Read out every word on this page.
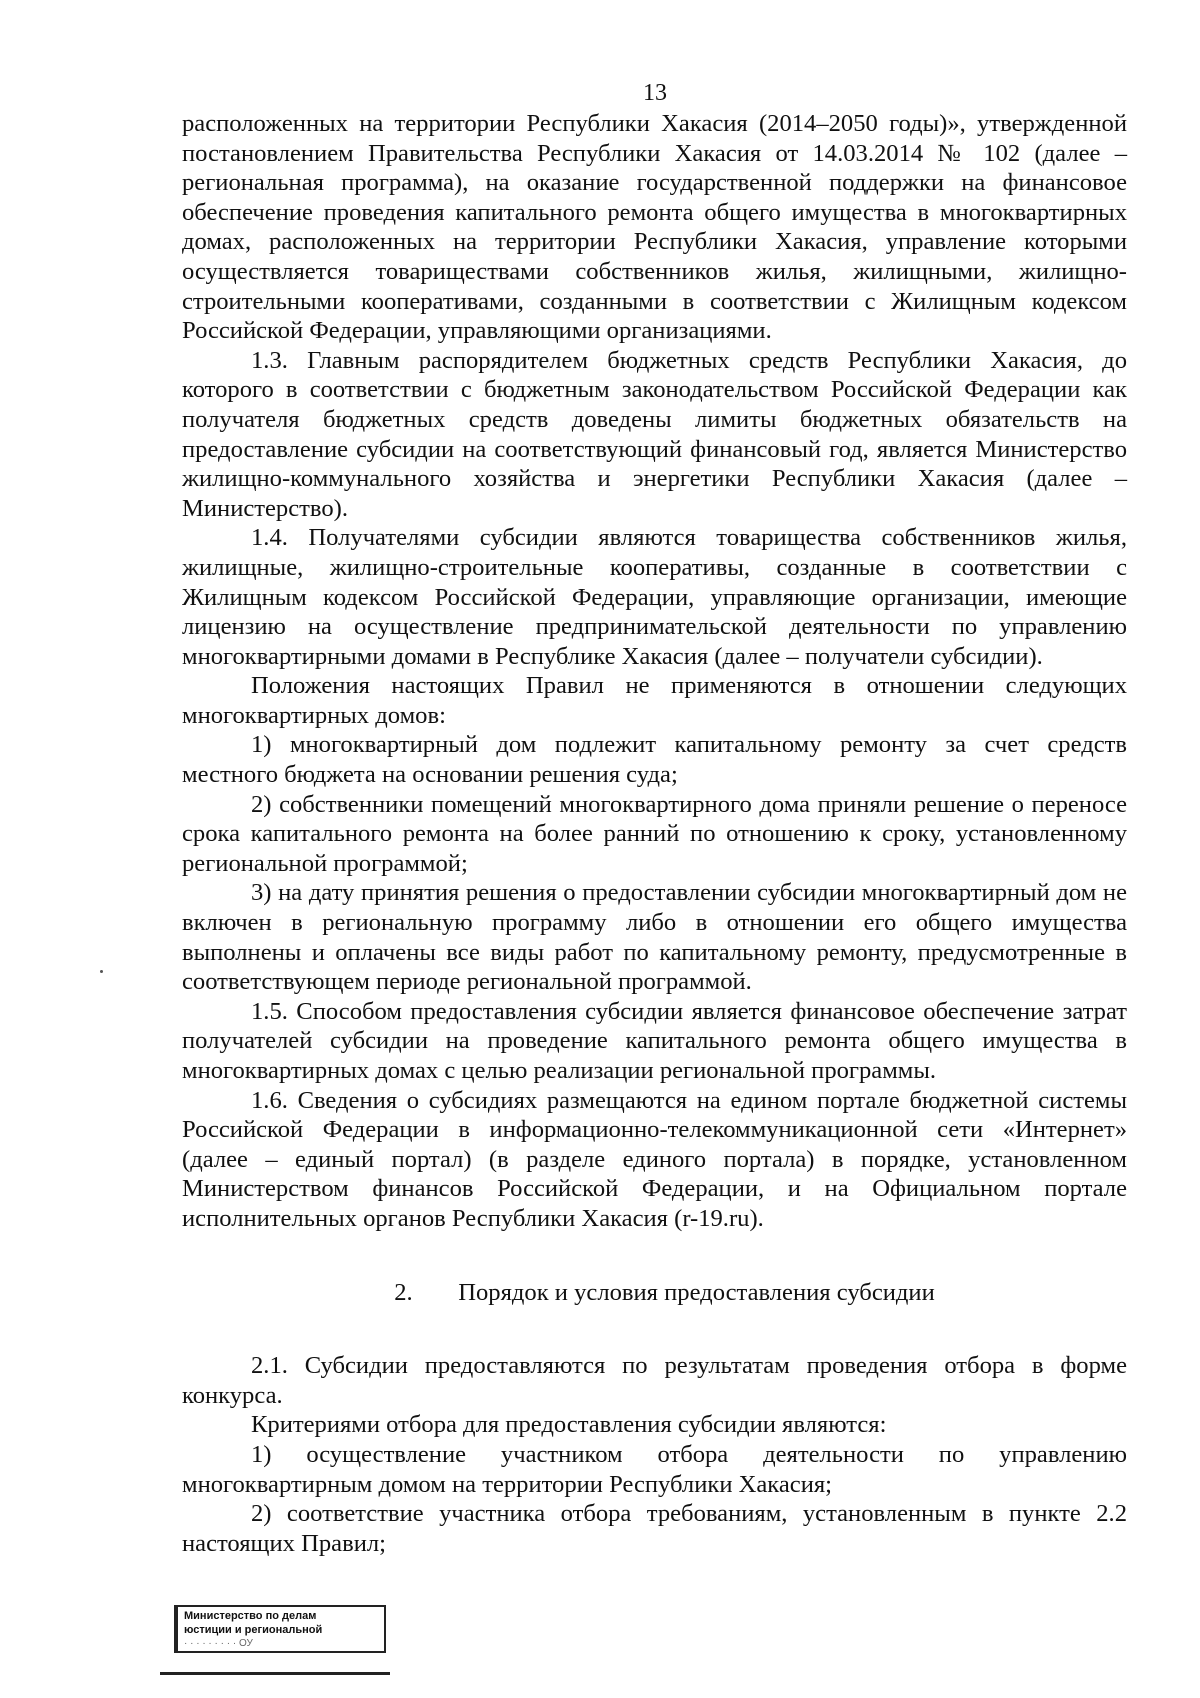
13

расположенных на территории Республики Хакасия (2014–2050 годы)», утвержденной постановлением Правительства Республики Хакасия от 14.03.2014 № 102 (далее – региональная программа), на оказание государственной поддержки на финансовое обеспечение проведения капитального ремонта общего имущества в многоквартирных домах, расположенных на территории Республики Хакасия, управление которыми осуществляется товариществами собственников жилья, жилищными, жилищно-строительными кооперативами, созданными в соответствии с Жилищным кодексом Российской Федерации, управляющими организациями.

1.3. Главным распорядителем бюджетных средств Республики Хакасия, до которого в соответствии с бюджетным законодательством Российской Федерации как получателя бюджетных средств доведены лимиты бюджетных обязательств на предоставление субсидии на соответствующий финансовый год, является Министерство жилищно-коммунального хозяйства и энергетики Республики Хакасия (далее – Министерство).

1.4. Получателями субсидии являются товарищества собственников жилья, жилищные, жилищно-строительные кооперативы, созданные в соответствии с Жилищным кодексом Российской Федерации, управляющие организации, имеющие лицензию на осуществление предпринимательской деятельности по управлению многоквартирными домами в Республике Хакасия (далее – получатели субсидии).

Положения настоящих Правил не применяются в отношении следующих многоквартирных домов:

1) многоквартирный дом подлежит капитальному ремонту за счет средств местного бюджета на основании решения суда;

2) собственники помещений многоквартирного дома приняли решение о переносе срока капитального ремонта на более ранний по отношению к сроку, установленному региональной программой;

3) на дату принятия решения о предоставлении субсидии многоквартирный дом не включен в региональную программу либо в отношении его общего имущества выполнены и оплачены все виды работ по капитальному ремонту, предусмотренные в соответствующем периоде региональной программой.

1.5. Способом предоставления субсидии является финансовое обеспечение затрат получателей субсидии на проведение капитального ремонта общего имущества в многоквартирных домах с целью реализации региональной программы.

1.6. Сведения о субсидиях размещаются на едином портале бюджетной системы Российской Федерации в информационно-телекоммуникационной сети «Интернет» (далее – единый портал) (в разделе единого портала) в порядке, установленном Министерством финансов Российской Федерации, и на Официальном портале исполнительных органов Республики Хакасия (r-19.ru).

2. Порядок и условия предоставления субсидии

2.1. Субсидии предоставляются по результатам проведения отбора в форме конкурса.

Критериями отбора для предоставления субсидии являются:

1) осуществление участником отбора деятельности по управлению многоквартирным домом на территории Республики Хакасия;

2) соответствие участника отбора требованиям, установленным в пункте 2.2 настоящих Правил;

Министерство по делам
юстиции и региональной
· · · · · · · · · ОУ
